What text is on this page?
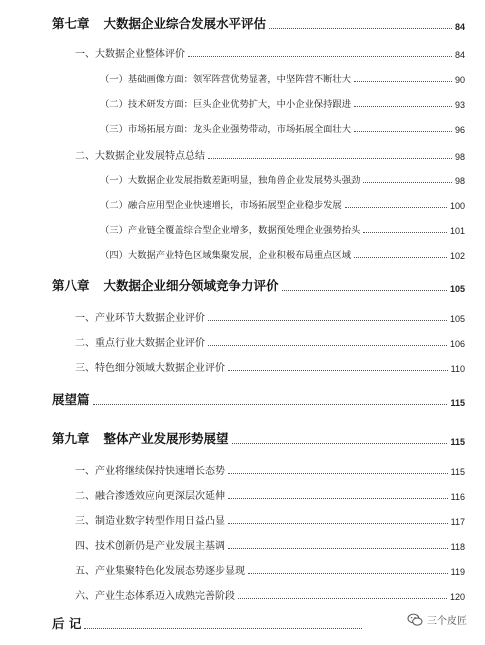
第七章 大数据企业综合发展水平评估	84
一、大数据企业整体评价	84
（一）基础画像方面：领军阵营优势显著，中坚阵营不断壮大	90
（二）技术研发方面：巨头企业优势扩大，中小企业保持跟进	93
（三）市场拓展方面：龙头企业强势带动，市场拓展全面壮大	96
二、大数据企业发展特点总结	98
（一）大数据企业发展指数差距明显，独角兽企业发展势头强劲	98
（二）融合应用型企业快速增长，市场拓展型企业稳步发展	100
（三）产业链全覆盖综合型企业增多，数据预处理企业强势抬头	101
（四）大数据产业特色区域集聚发展，企业积极布局重点区域	102
第八章 大数据企业细分领域竞争力评价	105
一、产业环节大数据企业评价	105
二、重点行业大数据企业评价	106
三、特色细分领域大数据企业评价	110
展望篇	115
第九章 整体产业发展形势展望	115
一、产业将继续保持快速增长态势	115
二、融合渗透效应向更深层次延伸	116
三、制造业数字转型作用日益凸显	117
四、技术创新仍是产业发展主基调	118
五、产业集聚特色化发展态势逐步显现	119
六、产业生态体系迈入成熟完善阶段	120
后 记	三个皮匠
